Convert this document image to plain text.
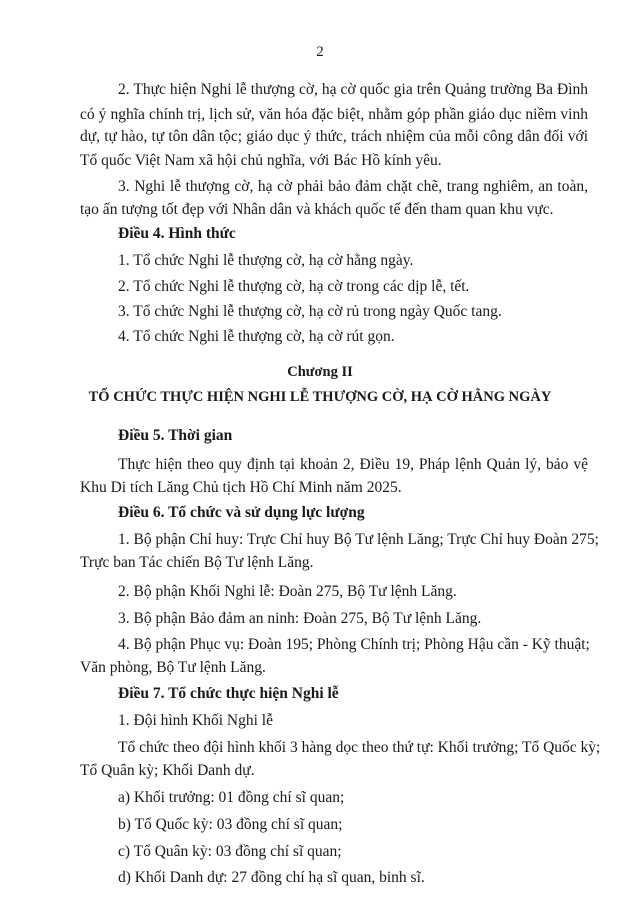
2
2. Thực hiện Nghi lễ thượng cờ, hạ cờ quốc gia trên Quảng trường Ba Đình
có ý nghĩa chính trị, lịch sử, văn hóa đặc biệt, nhằm góp phần giáo dục niềm vinh
dự, tự hào, tự tôn dân tộc; giáo dục ý thức, trách nhiệm của mỗi công dân đối với
Tổ quốc Việt Nam xã hội chủ nghĩa, với Bác Hồ kính yêu.
3. Nghi lễ thượng cờ, hạ cờ phải bảo đảm chặt chẽ, trang nghiêm, an toàn,
tạo ấn tượng tốt đẹp với Nhân dân và khách quốc tế đến tham quan khu vực.
Điều 4. Hình thức
1. Tổ chức Nghi lễ thượng cờ, hạ cờ hằng ngày.
2. Tổ chức Nghi lễ thượng cờ, hạ cờ trong các dịp lễ, tết.
3. Tổ chức Nghi lễ thượng cờ, hạ cờ rủ trong ngày Quốc tang.
4. Tổ chức Nghi lễ thượng cờ, hạ cờ rút gọn.
Chương II
TỔ CHỨC THỰC HIỆN NGHI LỄ THƯỢNG CỜ, HẠ CỜ HẰNG NGÀY
Điều 5. Thời gian
Thực hiện theo quy định tại khoản 2, Điều 19, Pháp lệnh Quản lý, bảo vệ
Khu Di tích Lăng Chủ tịch Hồ Chí Minh năm 2025.
Điều 6. Tổ chức và sử dụng lực lượng
1. Bộ phận Chỉ huy: Trực Chỉ huy Bộ Tư lệnh Lăng; Trực Chỉ huy Đoàn 275;
Trực ban Tác chiến Bộ Tư lệnh Lăng.
2. Bộ phận Khối Nghi lễ: Đoàn 275, Bộ Tư lệnh Lăng.
3. Bộ phận Bảo đảm an ninh: Đoàn 275, Bộ Tư lệnh Lăng.
4. Bộ phận Phục vụ: Đoàn 195; Phòng Chính trị; Phòng Hậu cần - Kỹ thuật;
Văn phòng, Bộ Tư lệnh Lăng.
Điều 7. Tổ chức thực hiện Nghi lễ
1. Đội hình Khối Nghi lễ
Tổ chức theo đội hình khối 3 hàng dọc theo thứ tự: Khối trưởng; Tổ Quốc kỳ;
Tổ Quân kỳ; Khối Danh dự.
a) Khối trưởng: 01 đồng chí sĩ quan;
b) Tổ Quốc kỳ: 03 đồng chí sĩ quan;
c) Tổ Quân kỳ: 03 đồng chí sĩ quan;
d) Khối Danh dự: 27 đồng chí hạ sĩ quan, binh sĩ.
